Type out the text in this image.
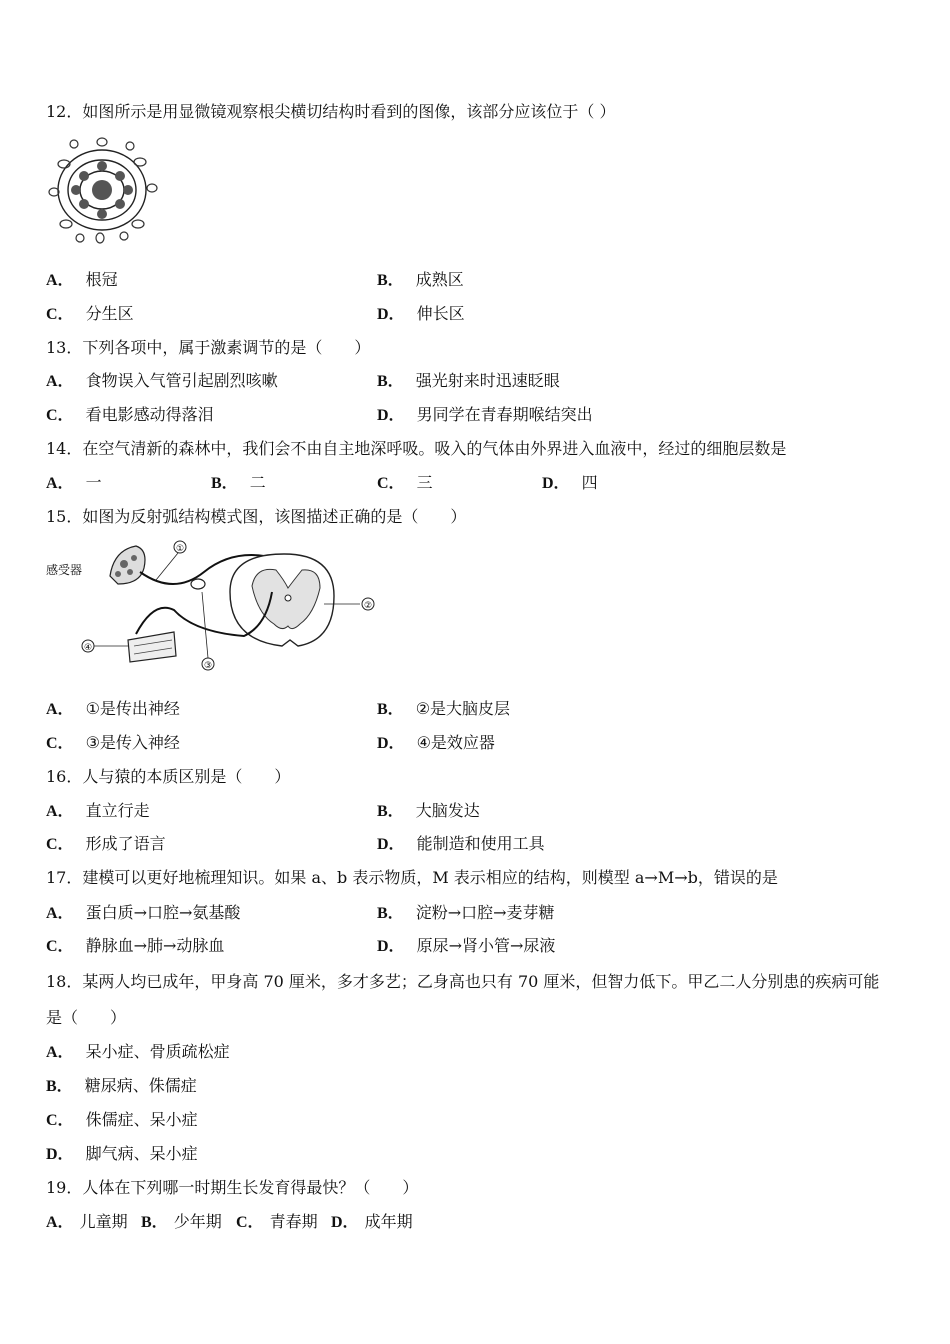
12．如图所示是用显微镜观察根尖横切结构时看到的图像，该部分应该位于（ ）
A． 根冠	B． 成熟区
C． 分生区	D． 伸长区
13．下列各项中，属于激素调节的是（　　）
A． 食物误入气管引起剧烈咳嗽	B． 强光射来时迅速眨眼
C． 看电影感动得落泪	D． 男同学在青春期喉结突出
14．在空气清新的森林中，我们会不由自主地深呼吸。吸入的气体由外界进入血液中，经过的细胞层数是
A． 一	B． 二	C． 三	D． 四
15．如图为反射弧结构模式图，该图描述正确的是（　　）
感受器
①
②
④
③
A． ①是传出神经	B． ②是大脑皮层
C． ③是传入神经	D． ④是效应器
16．人与猿的本质区别是（　　）
A． 直立行走	B． 大脑发达
C． 形成了语言	D． 能制造和使用工具
17．建模可以更好地梳理知识。如果 a、b 表示物质，M 表示相应的结构，则模型 a→M→b，错误的是
A． 蛋白质→口腔→氨基酸	B． 淀粉→口腔→麦芽糖
C． 静脉血→肺→动脉血	D． 原尿→肾小管→尿液
18．某两人均已成年，甲身高 70 厘米，多才多艺；乙身高也只有 70 厘米，但智力低下。甲乙二人分别患的疾病可能
是（　　）
A． 呆小症、骨质疏松症
B． 糖尿病、侏儒症
C． 侏儒症、呆小症
D． 脚气病、呆小症
19．人体在下列哪一时期生长发育得最快？（　　）
A． 儿童期 B． 少年期 C． 青春期 D． 成年期
